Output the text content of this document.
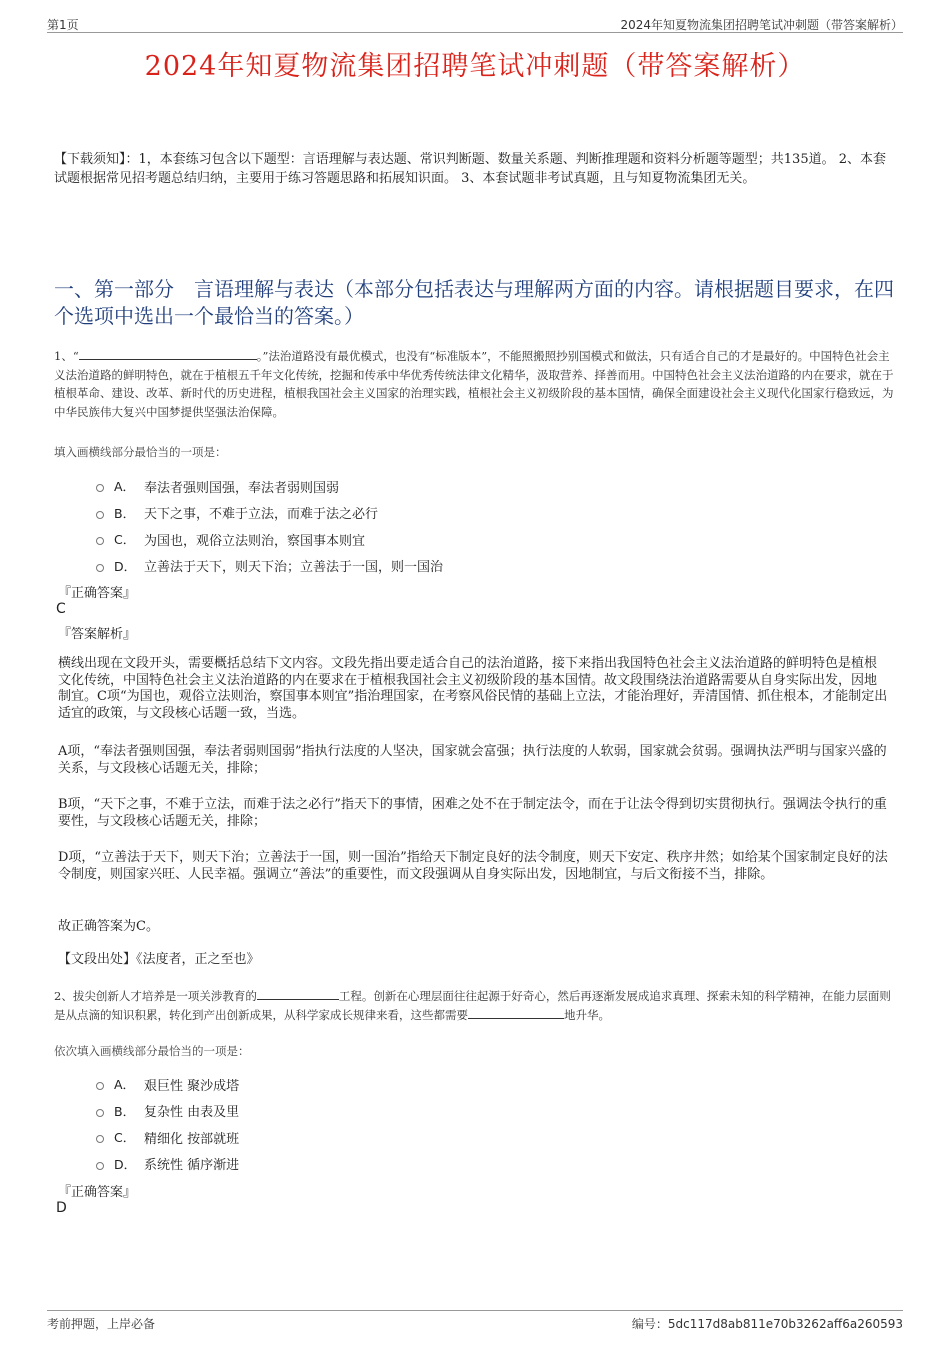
第1页	2024年知夏物流集团招聘笔试冲刺题（带答案解析）
2024年知夏物流集团招聘笔试冲刺题（带答案解析）

【下载须知】：1，本套练习包含以下题型：言语理解与表达题、常识判断题、数量关系题、判断推理题和资料分析题等题型；共135道。 2、本套试题根据常见招考题总结归纳，主要用于练习答题思路和拓展知识面。 3、本套试题非考试真题，且与知夏物流集团无关。

一、第一部分　言语理解与表达（本部分包括表达与理解两方面的内容。请根据题目要求，在四个选项中选出一个最恰当的答案。）

1、“	。”法治道路没有最优模式，也没有“标准版本”，不能照搬照抄别国模式和做法，只有适合自己的才是最好的。中国特色社会主义法治道路的鲜明特色，就在于植根五千年文化传统，挖掘和传承中华优秀传统法律文化精华，汲取营养、择善而用。中国特色社会主义法治道路的内在要求，就在于植根革命、建设、改革、新时代的历史进程，植根我国社会主义国家的治理实践，植根社会主义初级阶段的基本国情，确保全面建设社会主义现代化国家行稳致远，为中华民族伟大复兴中国梦提供坚强法治保障。

填入画横线部分最恰当的一项是：

A． 奉法者强则国强，奉法者弱则国弱
B． 天下之事，不难于立法，而难于法之必行
C． 为国也，观俗立法则治，察国事本则宜
D． 立善法于天下，则天下治；立善法于一国，则一国治

『正确答案』

C

『答案解析』

横线出现在文段开头，需要概括总结下文内容。文段先指出要走适合自己的法治道路，接下来指出我国特色社会主义法治道路的鲜明特色是植根文化传统，中国特色社会主义法治道路的内在要求在于植根我国社会主义初级阶段的基本国情。故文段围绕法治道路需要从自身实际出发，因地制宜。C项“为国也，观俗立法则治，察国事本则宜”指治理国家，在考察风俗民情的基础上立法，才能治理好，弄清国情、抓住根本，才能制定出适宜的政策，与文段核心话题一致，当选。

A项，“奉法者强则国强，奉法者弱则国弱”指执行法度的人坚决，国家就会富强；执行法度的人软弱，国家就会贫弱。强调执法严明与国家兴盛的关系，与文段核心话题无关，排除；

B项，“天下之事，不难于立法，而难于法之必行”指天下的事情，困难之处不在于制定法令，而在于让法令得到切实贯彻执行。强调法令执行的重要性，与文段核心话题无关，排除；

D项，“立善法于天下，则天下治；立善法于一国，则一国治”指给天下制定良好的法令制度，则天下安定、秩序井然；如给某个国家制定良好的法令制度，则国家兴旺、人民幸福。强调立“善法”的重要性，而文段强调从自身实际出发，因地制宜，与后文衔接不当，排除。

故正确答案为C。

【文段出处】《法度者，正之至也》

2、拔尖创新人才培养是一项关涉教育的	工程。创新在心理层面往往起源于好奇心，然后再逐渐发展成追求真理、探索未知的科学精神，在能力层面则是从点滴的知识积累，转化到产出创新成果，从科学家成长规律来看，这些都需要	地升华。

依次填入画横线部分最恰当的一项是：

A． 艰巨性 聚沙成塔
B． 复杂性 由表及里
C． 精细化 按部就班
D． 系统性 循序渐进

『正确答案』

D

考前押题，上岸必备	编号：5dc117d8ab811e70b3262aff6a260593
